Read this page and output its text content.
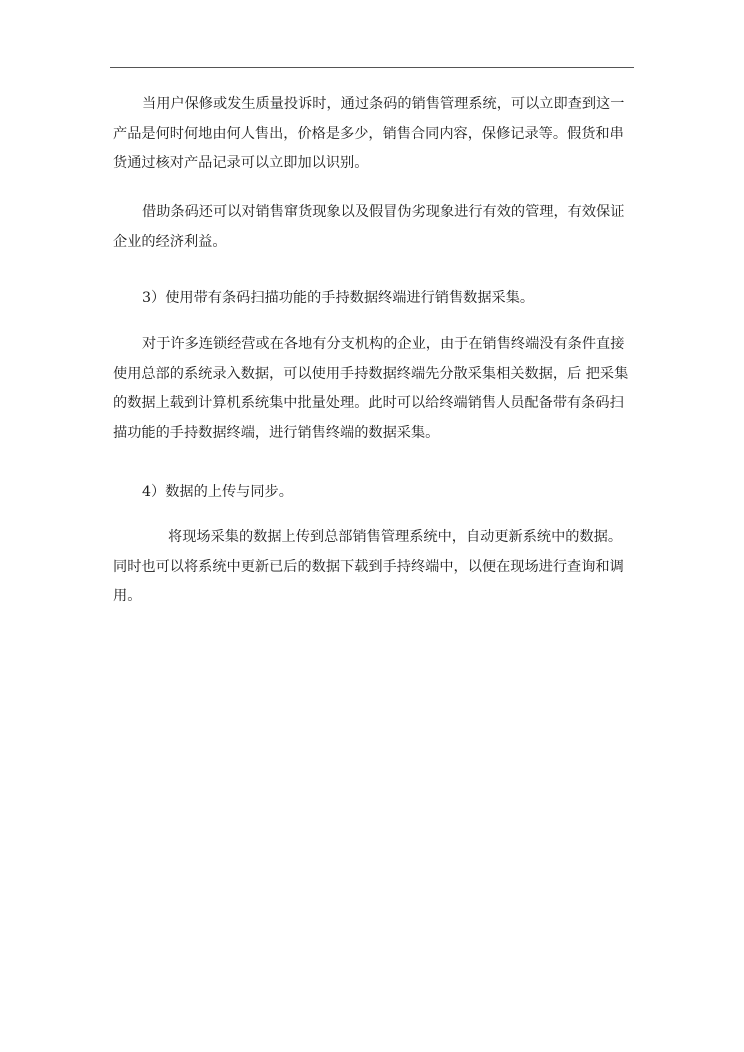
当用户保修或发生质量投诉时，通过条码的销售管理系统，可以立即查到这一产品是何时何地由何人售出，价格是多少，销售合同内容，保修记录等。假货和串货通过核对产品记录可以立即加以识别。

借助条码还可以对销售窜货现象以及假冒伪劣现象进行有效的管理，有效保证企业的经济利益。

3）使用带有条码扫描功能的手持数据终端进行销售数据采集。

对于许多连锁经营或在各地有分支机构的企业，由于在销售终端没有条件直接使用总部的系统录入数据，可以使用手持数据终端先分散采集相关数据，后 把采集的数据上载到计算机系统集中批量处理。此时可以给终端销售人员配备带有条码扫描功能的手持数据终端，进行销售终端的数据采集。

4）数据的上传与同步。

将现场采集的数据上传到总部销售管理系统中，自动更新系统中的数据。同时也可以将系统中更新已后的数据下载到手持终端中，以便在现场进行查询和调用。
